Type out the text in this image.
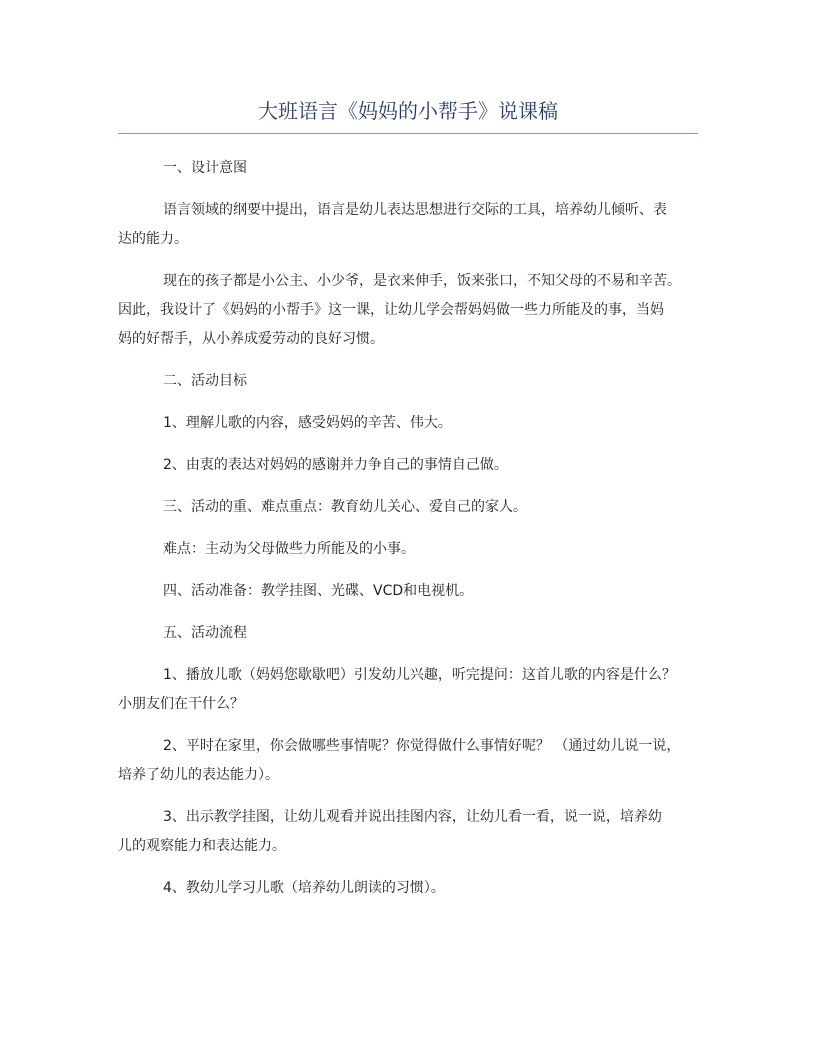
大班语言《妈妈的小帮手》说课稿
一、设计意图
语言领域的纲要中提出，语言是幼儿表达思想进行交际的工具，培养幼儿倾听、表
达的能力。
现在的孩子都是小公主、小少爷，是衣来伸手，饭来张口，不知父母的不易和辛苦。
因此，我设计了《妈妈的小帮手》这一课，让幼儿学会帮妈妈做一些力所能及的事，当妈
妈的好帮手，从小养成爱劳动的良好习惯。
二、活动目标
1、理解儿歌的内容，感受妈妈的辛苦、伟大。
2、由衷的表达对妈妈的感谢并力争自己的事情自己做。
三、活动的重、难点重点：教育幼儿关心、爱自己的家人。
难点：主动为父母做些力所能及的小事。
四、活动准备：教学挂图、光碟、VCD和电视机。
五、活动流程
1、播放儿歌（妈妈您歇歇吧）引发幼儿兴趣，听完提问：这首儿歌的内容是什么？
小朋友们在干什么？
2、平时在家里，你会做哪些事情呢？你觉得做什么事情好呢？ （通过幼儿说一说，
培养了幼儿的表达能力）。
3、出示教学挂图，让幼儿观看并说出挂图内容，让幼儿看一看，说一说，培养幼
儿的观察能力和表达能力。
4、教幼儿学习儿歌（培养幼儿朗读的习惯）。
